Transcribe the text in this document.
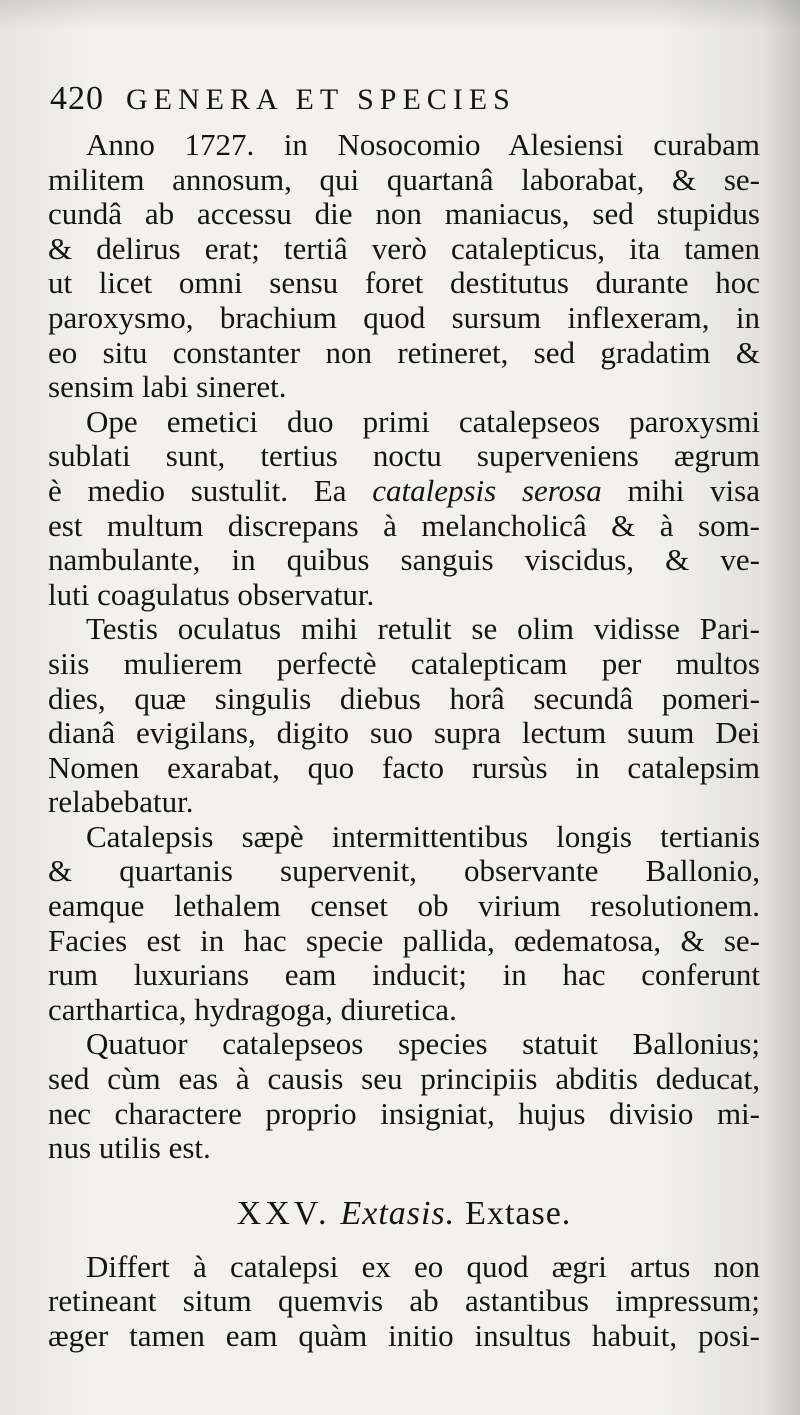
420 GENERA ET SPECIES
Anno 1727. in Nosocomio Alesiensi curabam
militem annosum, qui quartanâ laborabat, & se-
cundâ ab accessu die non maniacus, sed stupidus
& delirus erat; tertiâ verò catalepticus, ita tamen
ut licet omni sensu foret destitutus durante hoc
paroxysmo, brachium quod sursum inflexeram, in
eo situ constanter non retineret, sed gradatim &
sensim labi sineret.
Ope emetici duo primi catalepseos paroxysmi
sublati sunt, tertius noctu superveniens ægrum
è medio sustulit. Ea catalepsis serosa mihi visa
est multum discrepans à melancholicâ & à som-
nambulante, in quibus sanguis viscidus, & ve-
luti coagulatus observatur.
Testis oculatus mihi retulit se olim vidisse Pari-
siis mulierem perfectè catalepticam per multos
dies, quæ singulis diebus horâ secundâ pomeri-
dianâ evigilans, digito suo supra lectum suum Dei
Nomen exarabat, quo facto rursùs in catalepsim
relabebatur.
Catalepsis sæpè intermittentibus longis tertianis
& quartanis supervenit, observante Ballonio,
eamque lethalem censet ob virium resolutionem.
Facies est in hac specie pallida, œdematosa, & se-
rum luxurians eam inducit; in hac conferunt
carthartica, hydragoga, diuretica.
Quatuor catalepseos species statuit Ballonius;
sed cùm eas à causis seu principiis abditis deducat,
nec charactere proprio insigniat, hujus divisio mi-
nus utilis est.
XXV. Extasis. Extase.
Differt à catalepsi ex eo quod ægri artus non
retineant situm quemvis ab astantibus impressum;
æger tamen eam quàm initio insultus habuit, posi-
